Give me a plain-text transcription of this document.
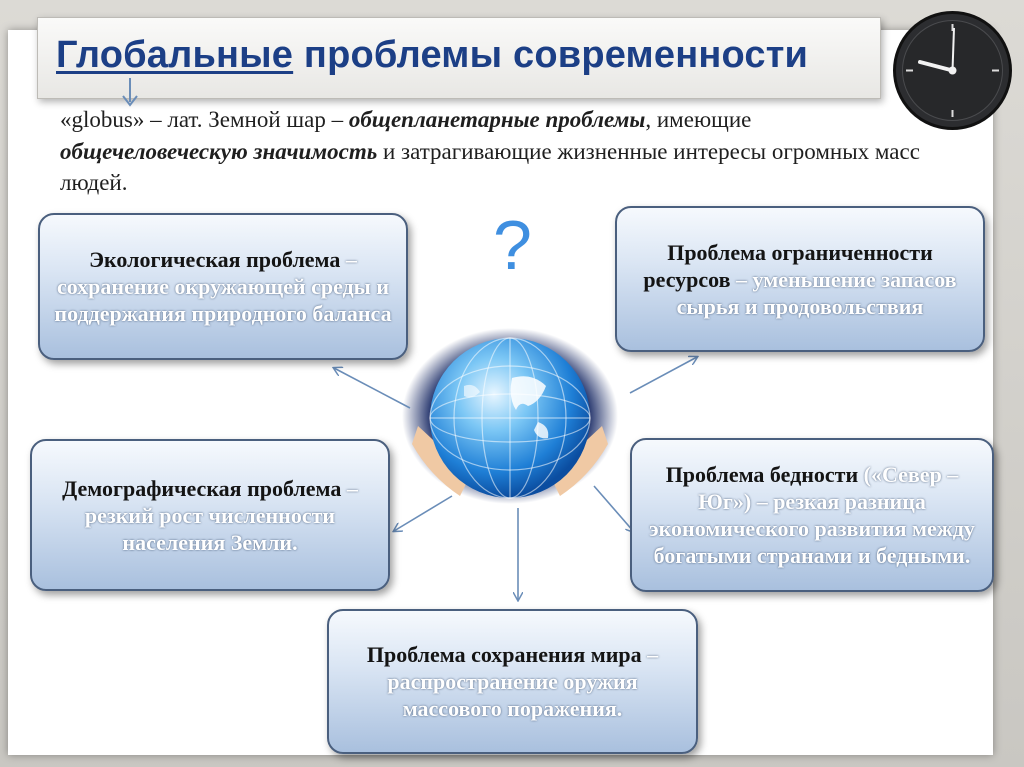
Глобальные проблемы современности

«globus» – лат. Земной шар – общепланетарные проблемы, имеющие общечеловеческую значимость и затрагивающие жизненные интересы огромных масс людей.

?

Экологическая проблема – сохранение окружающей среды и поддержания природного баланса

Проблема ограниченности ресурсов – уменьшение запасов сырья и продовольствия

Демографическая проблема – резкий рост численности населения Земли.

Проблема бедности («Север – Юг») – резкая разница экономического развития между богатыми странами и бедными.

Проблема сохранения мира – распространение оружия массового поражения.
